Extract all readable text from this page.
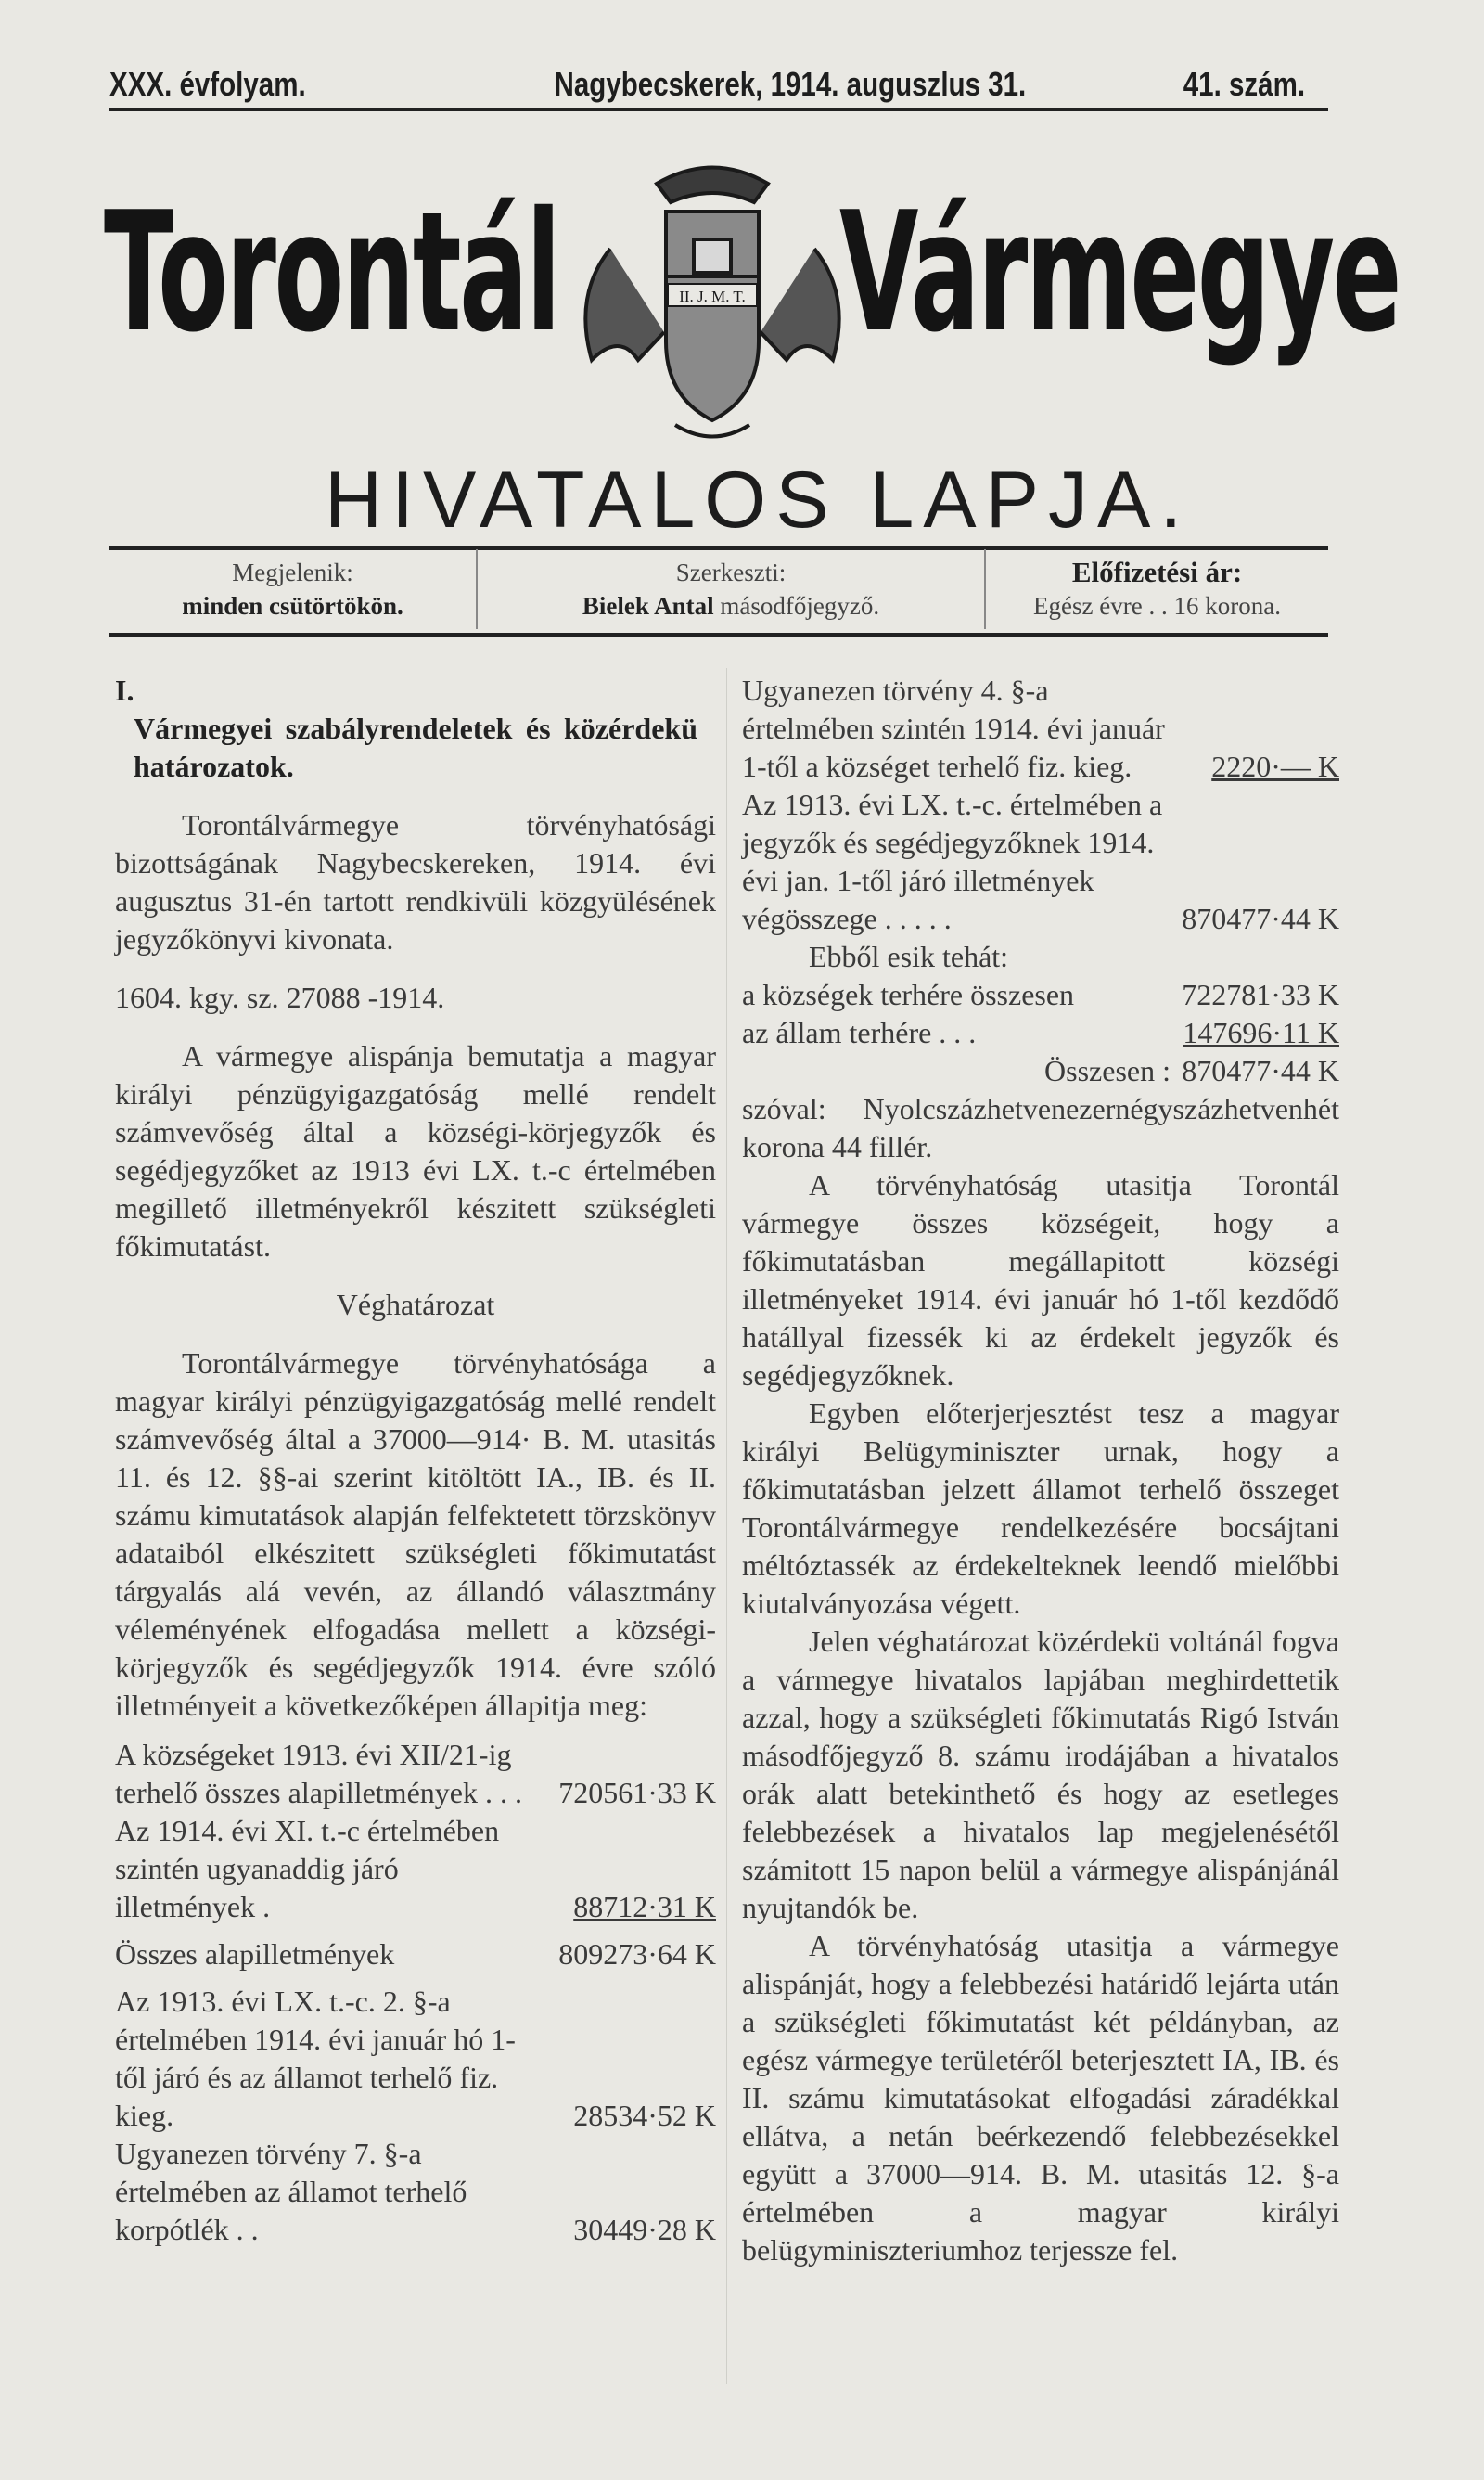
XXX. évfolyam.	Nagybecskerek, 1914. auguszlus 31.	41. szám.
Torontál Vármegye
II. J. M. T.
HIVATALOS LAPJA.
Megjelenik:
minden csütörtökön.
Szerkeszti:
Bielek Antal másodfőjegyző.
Előfizetési ár:
Egész évre . . 16 korona.

I.

Vármegyei szabályrendeletek és közérdekü határozatok.

Torontálvármegye törvényhatósági bizottságának Nagybecskereken, 1914. évi augusztus 31-én tartott rendkivüli közgyülésének jegyzőkönyvi kivonata.

1604. kgy. sz. 27088 -1914.

A vármegye alispánja bemutatja a magyar királyi pénzügyigazgatóság mellé rendelt számvevőség által a községi-körjegyzők és segédjegyzőket az 1913 évi LX. t.-c értelmében megillető illetményekről készitett szükségleti főkimutatást.

Véghatározat

Torontálvármegye törvényhatósága a magyar királyi pénzügyigazgatóság mellé rendelt számvevőség által a 37000—914· B. M. utasitás 11. és 12. §§-ai szerint kitöltött IA., IB. és II. számu kimutatások alapján felfektetett törzskönyv adataiból elkészitett szükségleti főkimutatást tárgyalás alá vevén, az állandó választmány véleményének elfogadása mellett a községi-körjegyzők és segédjegyzők 1914. évre szóló illetményeit a következőképen állapitja meg:

A községeket 1913. évi XII/21-ig terhelő összes alapilletmények . . .	720561·33 K
Az 1914. évi XI. t.-c értelmében szintén ugyanaddig járó illetmények .	88712·31 K
Összes alapilletmények	809273·64 K
Az 1913. évi LX. t.-c. 2. §-a értelmében 1914. évi január hó 1-től járó és az államot terhelő fiz. kieg.	28534·52 K
Ugyanezen törvény 7. §-a értelmében az államot terhelő korpótlék . .	30449·28 K
Ugyanezen törvény 4. §-a értelmében szintén 1914. évi január 1-től a községet terhelő fiz. kieg.	2220·— K
Az 1913. évi LX. t.-c. értelmében a jegyzők és segédjegyzőknek 1914. évi jan. 1-től járó illetmények végösszege . . . . .	870477·44 K

Ebből esik tehát:

a községek terhére összesen	722781·33 K
az állam terhére . . .	147696·11 K
Összesen : 870477·44 K

szóval: Nyolcszázhetvenezernégyszázhetvenhét korona 44 fillér.

A törvényhatóság utasitja Torontál vármegye összes községeit, hogy a főkimutatásban megállapitott községi illetményeket 1914. évi január hó 1-től kezdődő hatállyal fizessék ki az érdekelt jegyzők és segédjegyzőknek.

Egyben előterjerjesztést tesz a magyar királyi Belügyminiszter urnak, hogy a főkimutatásban jelzett államot terhelő összeget Torontálvármegye rendelkezésére bocsájtani méltóztassék az érdekelteknek leendő mielőbbi kiutalványozása végett.

Jelen véghatározat közérdekü voltánál fogva a vármegye hivatalos lapjában meghirdettetik azzal, hogy a szükségleti főkimutatás Rigó István másodfőjegyző 8. számu irodájában a hivatalos orák alatt betekinthető és hogy az esetleges felebbezések a hivatalos lap megjelenésétől számitott 15 napon belül a vármegye alispánjánál nyujtandók be.

A törvényhatóság utasitja a vármegye alispánját, hogy a felebbezési határidő lejárta után a szükségleti főkimutatást két példányban, az egész vármegye területéről beterjesztett IA, IB. és II. számu kimutatásokat elfogadási záradékkal ellátva, a netán beérkezendő felebbezésekkel együtt a 37000—914. B. M. utasitás 12. §-a értelmében a magyar királyi belügyminiszteriumhoz terjessze fel.
